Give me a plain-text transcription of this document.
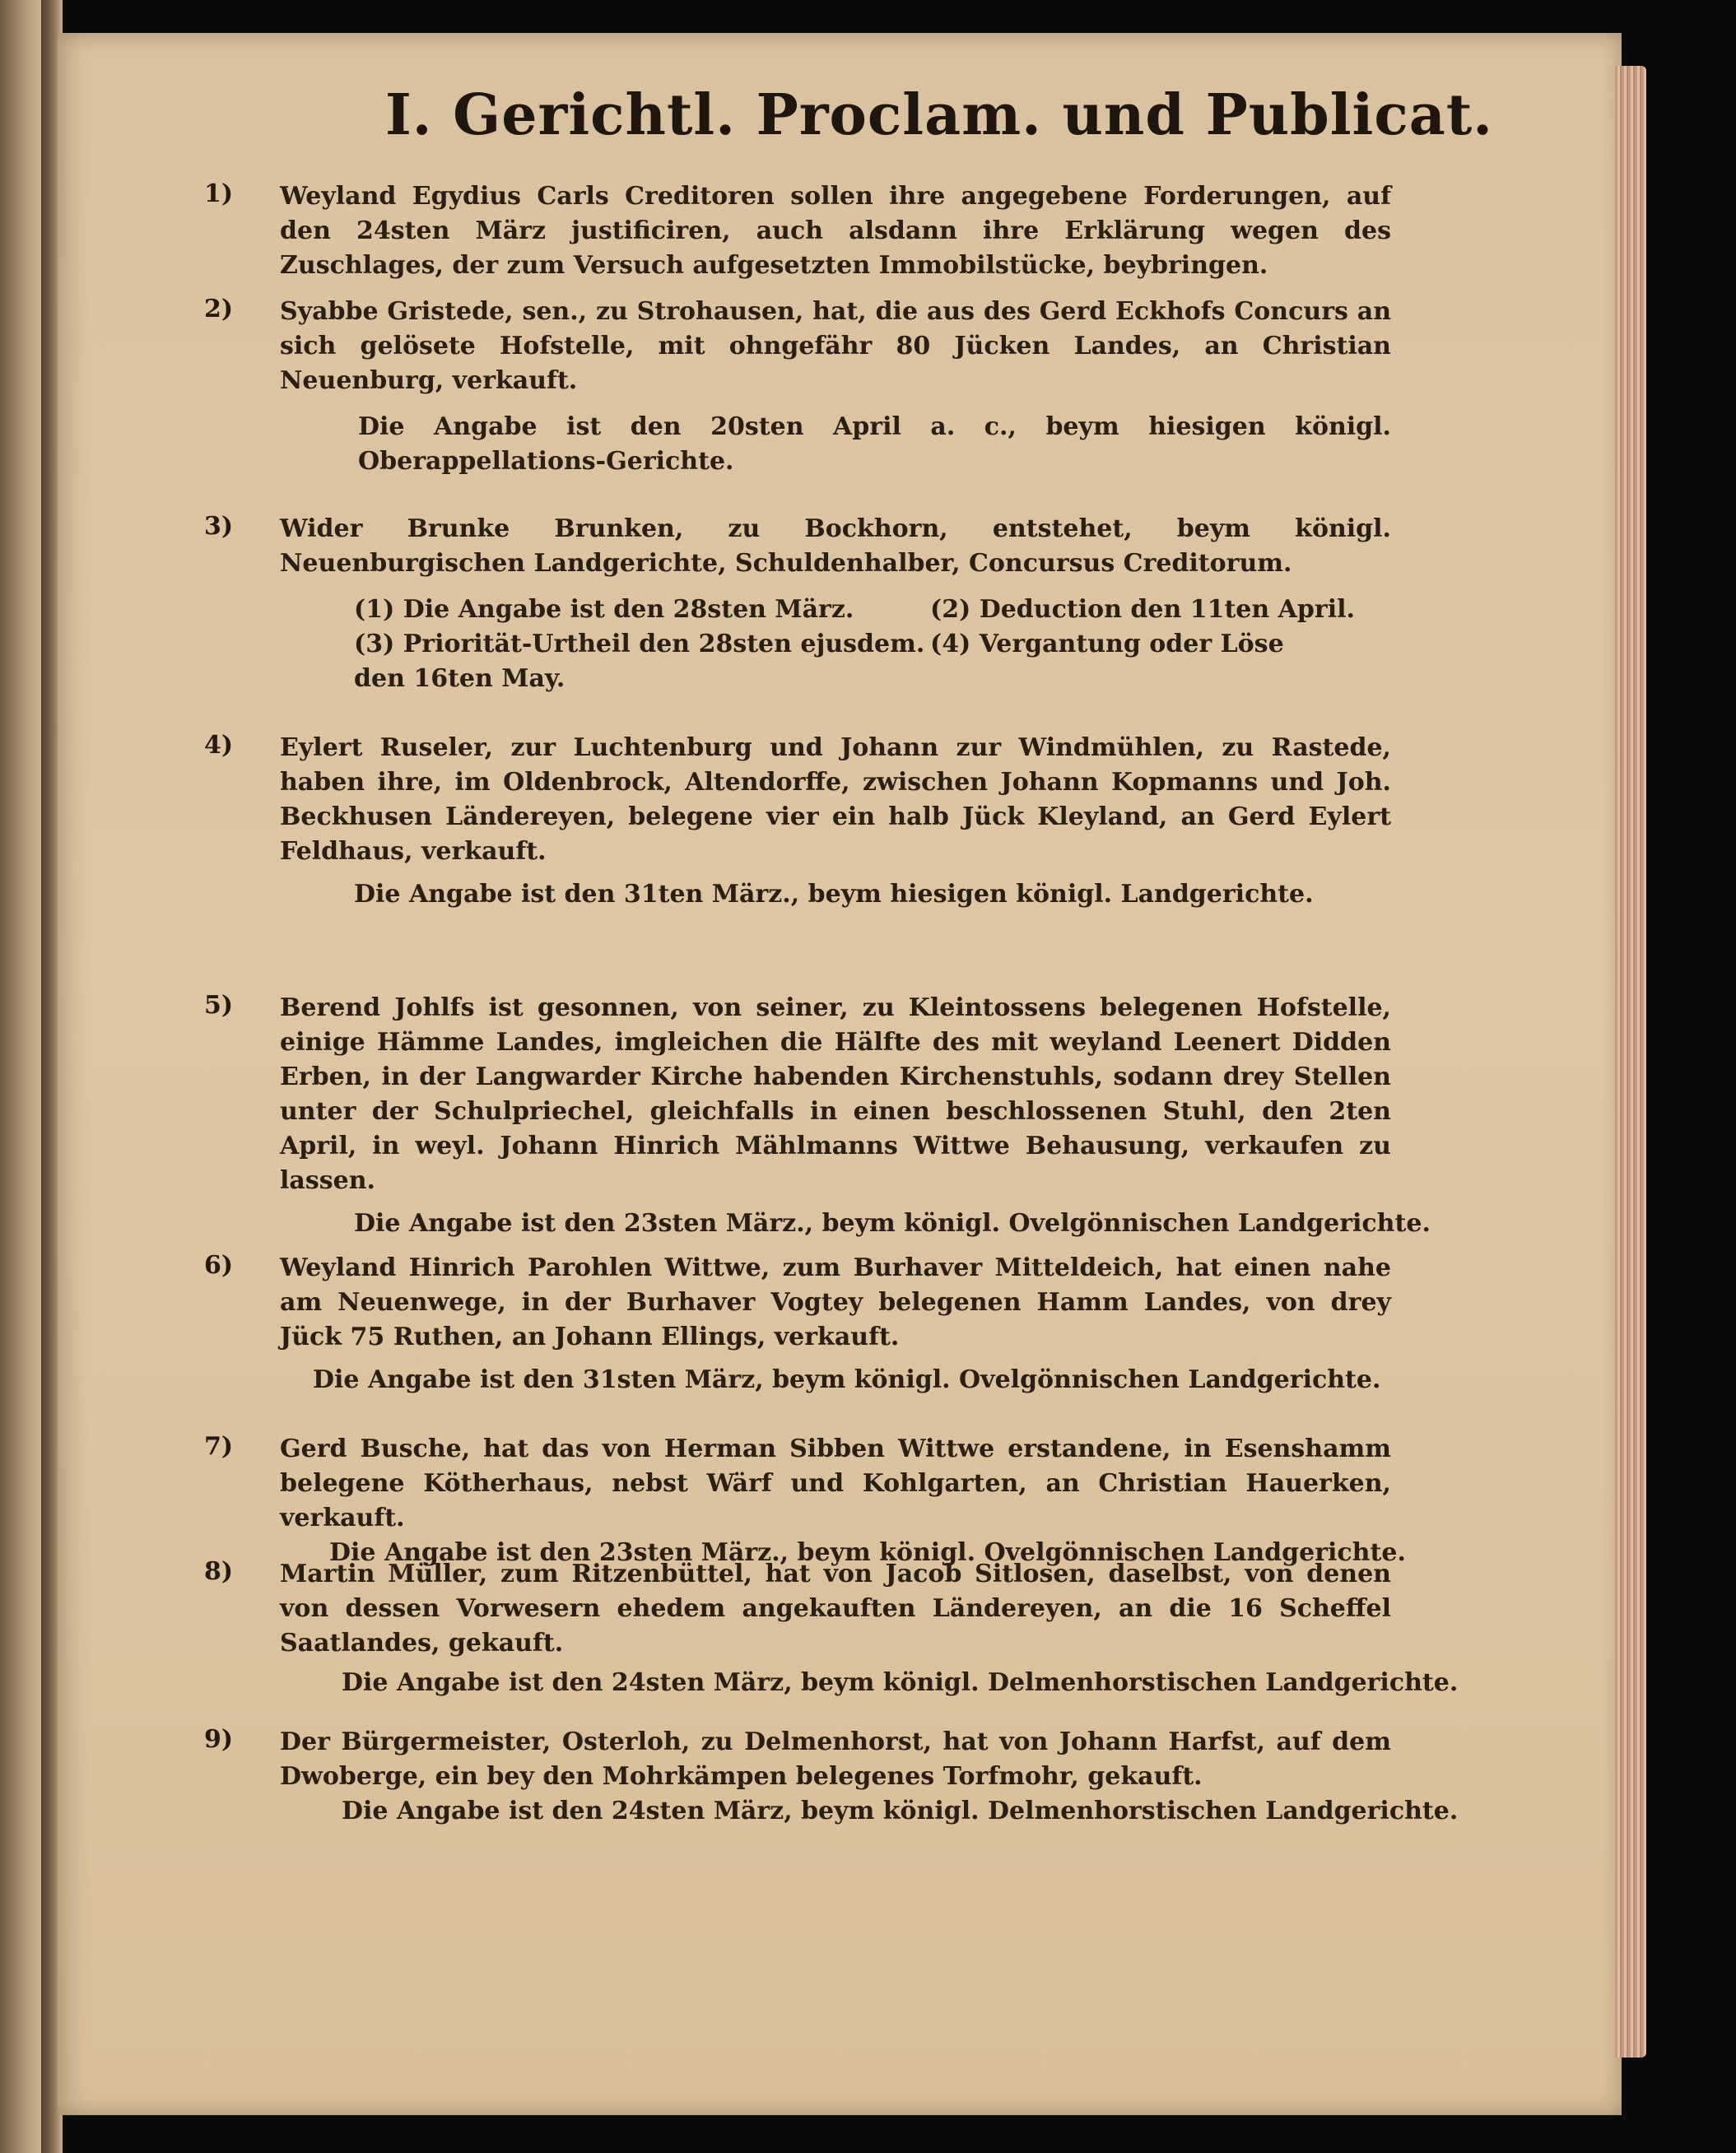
I. Gerichtl. Proclam. und Publicat.
1) Weyland Egydius Carls Creditoren sollen ihre angegebene Forderungen, auf den 24sten März justificiren, auch alsdann ihre Erklärung wegen des Zuschlages, der zum Versuch aufgesetzten Immobilstücke, beybringen.
2) Syabbe Gristede, sen., zu Strohausen, hat, die aus des Gerd Eckhofs Concurs an sich gelösete Hofstelle, mit ohngefähr 80 Jücken Landes, an Christian Neuenburg, verkauft.
Die Angabe ist den 20sten April a. c., beym hiesigen königl. Oberappellations-Gerichte.
3) Wider Brunke Brunken, zu Bockhorn, entstehet, beym königl. Neuenburgischen Landgerichte, Schuldenhalber, Concursus Creditorum.
(1) Die Angabe ist den 28sten März.	(2) Deduction den 11ten April.
(3) Priorität-Urtheil den 28sten ejusdem. (4) Vergantung oder Löse
den 16ten May.
4) Eylert Ruseler, zur Luchtenburg und Johann zur Windmühlen, zu Rastede, haben ihre, im Oldenbrock, Altendorffe, zwischen Johann Kopmanns und Joh. Beckhusen Ländereyen, belegene vier ein halb Jück Kleyland, an Gerd Eylert Feldhaus, verkauft.
Die Angabe ist den 31ten März., beym hiesigen königl. Landgerichte.
5) Berend Johlfs ist gesonnen, von seiner, zu Kleintossens belegenen Hofstelle, einige Hämme Landes, imgleichen die Hälfte des mit weyland Leenert Didden Erben, in der Langwarder Kirche habenden Kirchenstuhls, sodann drey Stellen unter der Schulpriechel, gleichfalls in einen beschlossenen Stuhl, den 2ten April, in weyl. Johann Hinrich Mählmanns Wittwe Behausung, verkaufen zu lassen.
Die Angabe ist den 23sten März., beym königl. Ovelgönnischen Landgerichte.
6) Weyland Hinrich Parohlen Wittwe, zum Burhaver Mitteldeich, hat einen nahe am Neuenwege, in der Burhaver Vogtey belegenen Hamm Landes, von drey Jück 75 Ruthen, an Johann Ellings, verkauft.
Die Angabe ist den 31sten März, beym königl. Ovelgönnischen Landgerichte.
7) Gerd Busche, hat das von Herman Sibben Wittwe erstandene, in Esenshamm belegene Kötherhaus, nebst Wärf und Kohlgarten, an Christian Hauerken, verkauft.
Die Angabe ist den 23sten März., beym königl. Ovelgönnischen Landgerichte.
8) Martin Müller, zum Ritzenbüttel, hat von Jacob Sitlosen, daselbst, von denen von dessen Vorwesern ehedem angekauften Ländereyen, an die 16 Scheffel Saatlandes, gekauft.
Die Angabe ist den 24sten März, beym königl. Delmenhorstischen Landgerichte.
9) Der Bürgermeister, Osterloh, zu Delmenhorst, hat von Johann Harfst, auf dem Dwoberge, ein bey den Mohrkämpen belegenes Torfmohr, gekauft.
Die Angabe ist den 24sten März, beym königl. Delmenhorstischen Landgerichte.
